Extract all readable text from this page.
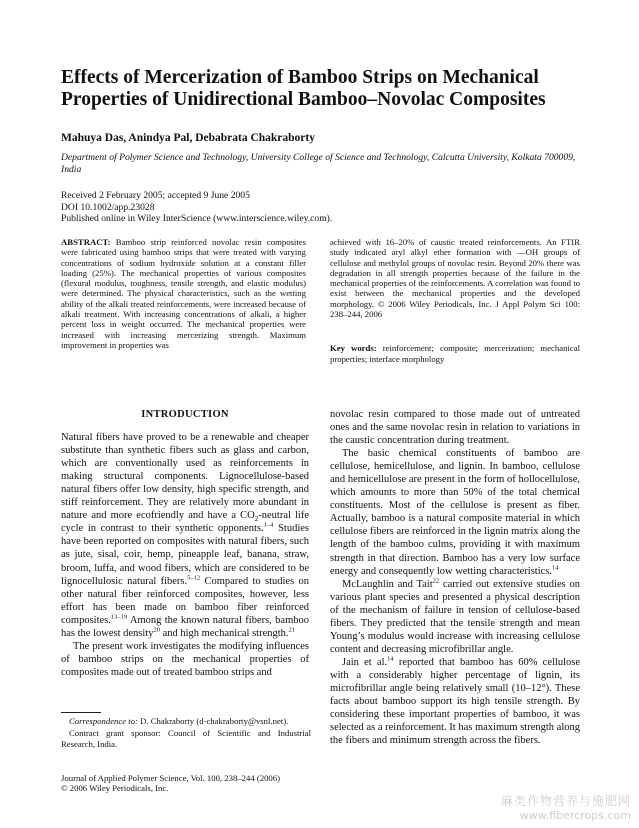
Effects of Mercerization of Bamboo Strips on Mechanical Properties of Unidirectional Bamboo–Novolac Composites
Mahuya Das, Anindya Pal, Debabrata Chakraborty
Department of Polymer Science and Technology, University College of Science and Technology, Calcutta University, Kolkata 700009, India
Received 2 February 2005; accepted 9 June 2005
DOI 10.1002/app.23028
Published online in Wiley InterScience (www.interscience.wiley.com).
ABSTRACT: Bamboo strip reinforced novolac resin composites were fabricated using bamboo strips that were treated with varying concentrations of sodium hydroxide solution at a constant filler loading (25%). The mechanical properties of various composites (flexural modulus, toughness, tensile strength, and elastic modulus) were determined. The physical characteristics, such as the wetting ability of the alkali treated reinforcements, were increased because of alkali treatment. With increasing concentrations of alkali, a higher percent loss in weight occurred. The mechanical properties were increased with increasing mercerizing strength. Maximum improvement in properties was
achieved with 16–20% of caustic treated reinforcements. An FTIR study indicated aryl alkyl ether formation with —OH groups of cellulose and methylol groups of novolac resin. Beyond 20% there was degradation in all strength properties because of the failure in the mechanical properties of the reinforcements. A correlation was found to exist between the mechanical properties and the developed morphology. © 2006 Wiley Periodicals, Inc. J Appl Polym Sci 100: 238–244, 2006
Key words: reinforcement; composite; mercerization; mechanical properties; interface morphology
INTRODUCTION

Natural fibers have proved to be a renewable and cheaper substitute than synthetic fibers such as glass and carbon, which are conventionally used as reinforcements in making structural components. Lignocellulose-based natural fibers offer low density, high specific strength, and stiff reinforcement. They are relatively more abundant in nature and more ecofriendly and have a $CO_2$-neutral life cycle in contrast to their synthetic opponents.$^{1-4}$ Studies have been reported on composites with natural fibers, such as jute, sisal, coir, hemp, pineapple leaf, banana, straw, broom, luffa, and wood fibers, which are considered to be lignocellulosic natural fibers.$^{5-12}$ Compared to studies on other natural fiber reinforced composites, however, less effort has been made on bamboo fiber reinforced composites.$^{13-19}$ Among the known natural fibers, bamboo has the lowest density$^{20}$ and high mechanical strength.$^{21}$

The present work investigates the modifying influences of bamboo strips on the mechanical properties of composites made out of treated bamboo strips and

novolac resin compared to those made out of untreated ones and the same novolac resin in relation to variations in the caustic concentration during treatment.

The basic chemical constituents of bamboo are cellulose, hemicellulose, and lignin. In bamboo, cellulose and hemicellulose are present in the form of hollocellulose, which amounts to more than 50% of the total chemical constituents. Most of the cellulose is present as fiber. Actually, bamboo is a natural composite material in which cellulose fibers are reinforced in the lignin matrix along the length of the bamboo culms, providing it with maximum strength in that direction. Bamboo has a very low surface energy and consequently low wetting characteristics.$^{14}$

McLaughlin and Tait$^{22}$ carried out extensive studies on various plant species and presented a physical description of the mechanism of failure in tension of cellulose-based fibers. They predicted that the tensile strength and mean Young’s modulus would increase with increasing cellulose content and decreasing microfibrillar angle.

Jain et al.$^{14}$ reported that bamboo has 60% cellulose with a considerably higher percentage of lignin, its microfibrillar angle being relatively small (10–12°). These facts about bamboo support its high tensile strength. By considering these important properties of bamboo, it was selected as a reinforcement. It has maximum strength along the fibers and minimum strength across the fibers.

Correspondence to: D. Chakraborty (d-chakraborty@vsnl.net).

Contract grant sponsor: Council of Scientific and Industrial Research, India.

Journal of Applied Polymer Science, Vol. 100, 238–244 (2006)
© 2006 Wiley Periodicals, Inc.
麻类作物营养与施肥网
www.fibercrops.com
